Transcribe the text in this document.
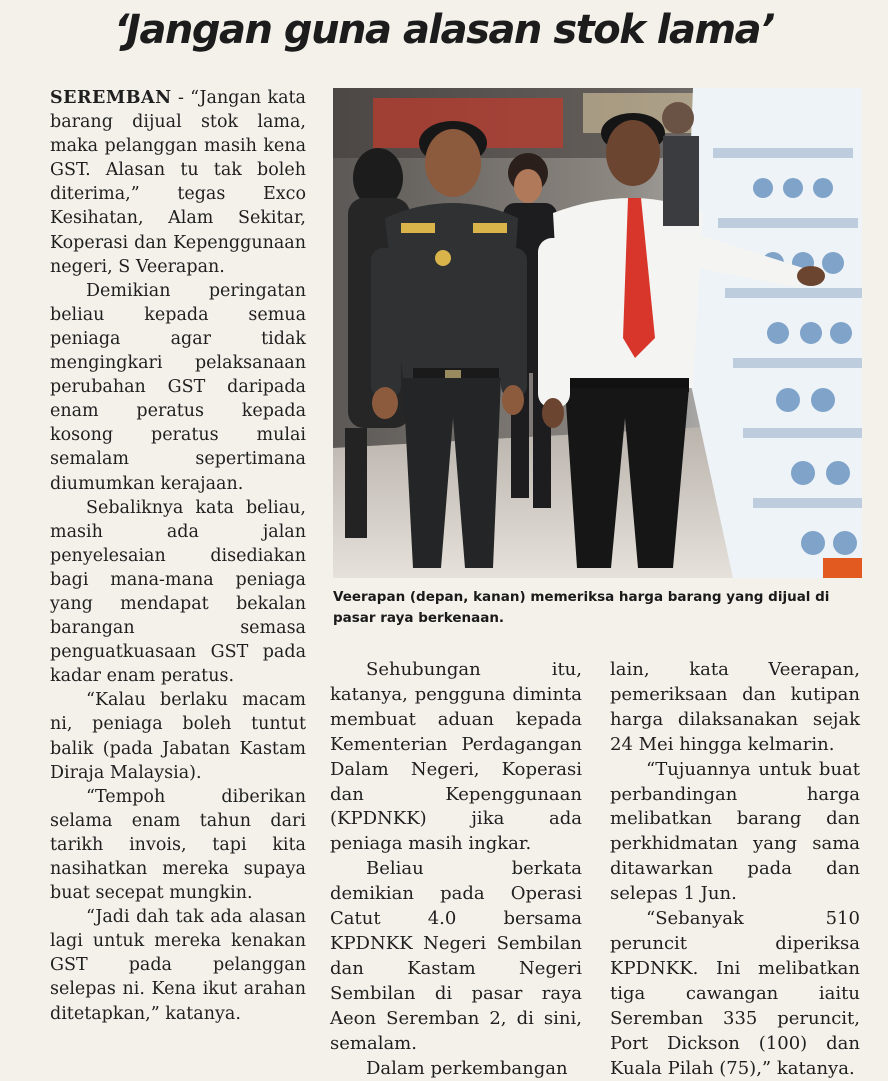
‘Jangan guna alasan stok lama’

SEREMBAN - “Jangan kata barang dijual stok lama, maka pelanggan masih kena GST. Alasan tu tak boleh diterima,” tegas Exco Kesihatan, Alam Sekitar, Koperasi dan Kepenggunaan negeri, S Veerapan.

Demikian peringatan beliau kepada semua peniaga agar tidak mengingkari pelaksanaan perubahan GST daripada enam peratus kepada kosong peratus mulai semalam sepertimana diumumkan kerajaan.

Sebaliknya kata beliau, masih ada jalan penyelesaian disediakan bagi mana-mana peniaga yang mendapat bekalan barangan semasa penguatkuasaan GST pada kadar enam peratus.

“Kalau berlaku macam ni, peniaga boleh tuntut balik (pada Jabatan Kastam Diraja Malaysia).

“Tempoh diberikan selama enam tahun dari tarikh invois, tapi kita nasihatkan mereka supaya buat secepat mungkin.

“Jadi dah tak ada alasan lagi untuk mereka kenakan GST pada pelanggan selepas ni. Kena ikut arahan ditetapkan,” katanya.

Veerapan (depan, kanan) memeriksa harga barang yang dijual di pasar raya berkenaan.

Sehubungan itu, katanya, pengguna diminta membuat aduan kepada Kementerian Perdagangan Dalam Negeri, Koperasi dan Kepenggunaan (KPDNKK) jika ada peniaga masih ingkar.

Beliau berkata demikian pada Operasi Catut 4.0 bersama KPDNKK Negeri Sembilan dan Kastam Negeri Sembilan di pasar raya Aeon Seremban 2, di sini, semalam.

Dalam perkembangan

lain, kata Veerapan, pemeriksaan dan kutipan harga dilaksanakan sejak 24 Mei hingga kelmarin.

“Tujuannya untuk buat perbandingan harga melibatkan barang dan perkhidmatan yang sama ditawarkan pada dan selepas 1 Jun.

“Sebanyak 510 peruncit diperiksa KPDNKK. Ini melibatkan tiga cawangan iaitu Seremban 335 peruncit, Port Dickson (100) dan Kuala Pilah (75),” katanya.
